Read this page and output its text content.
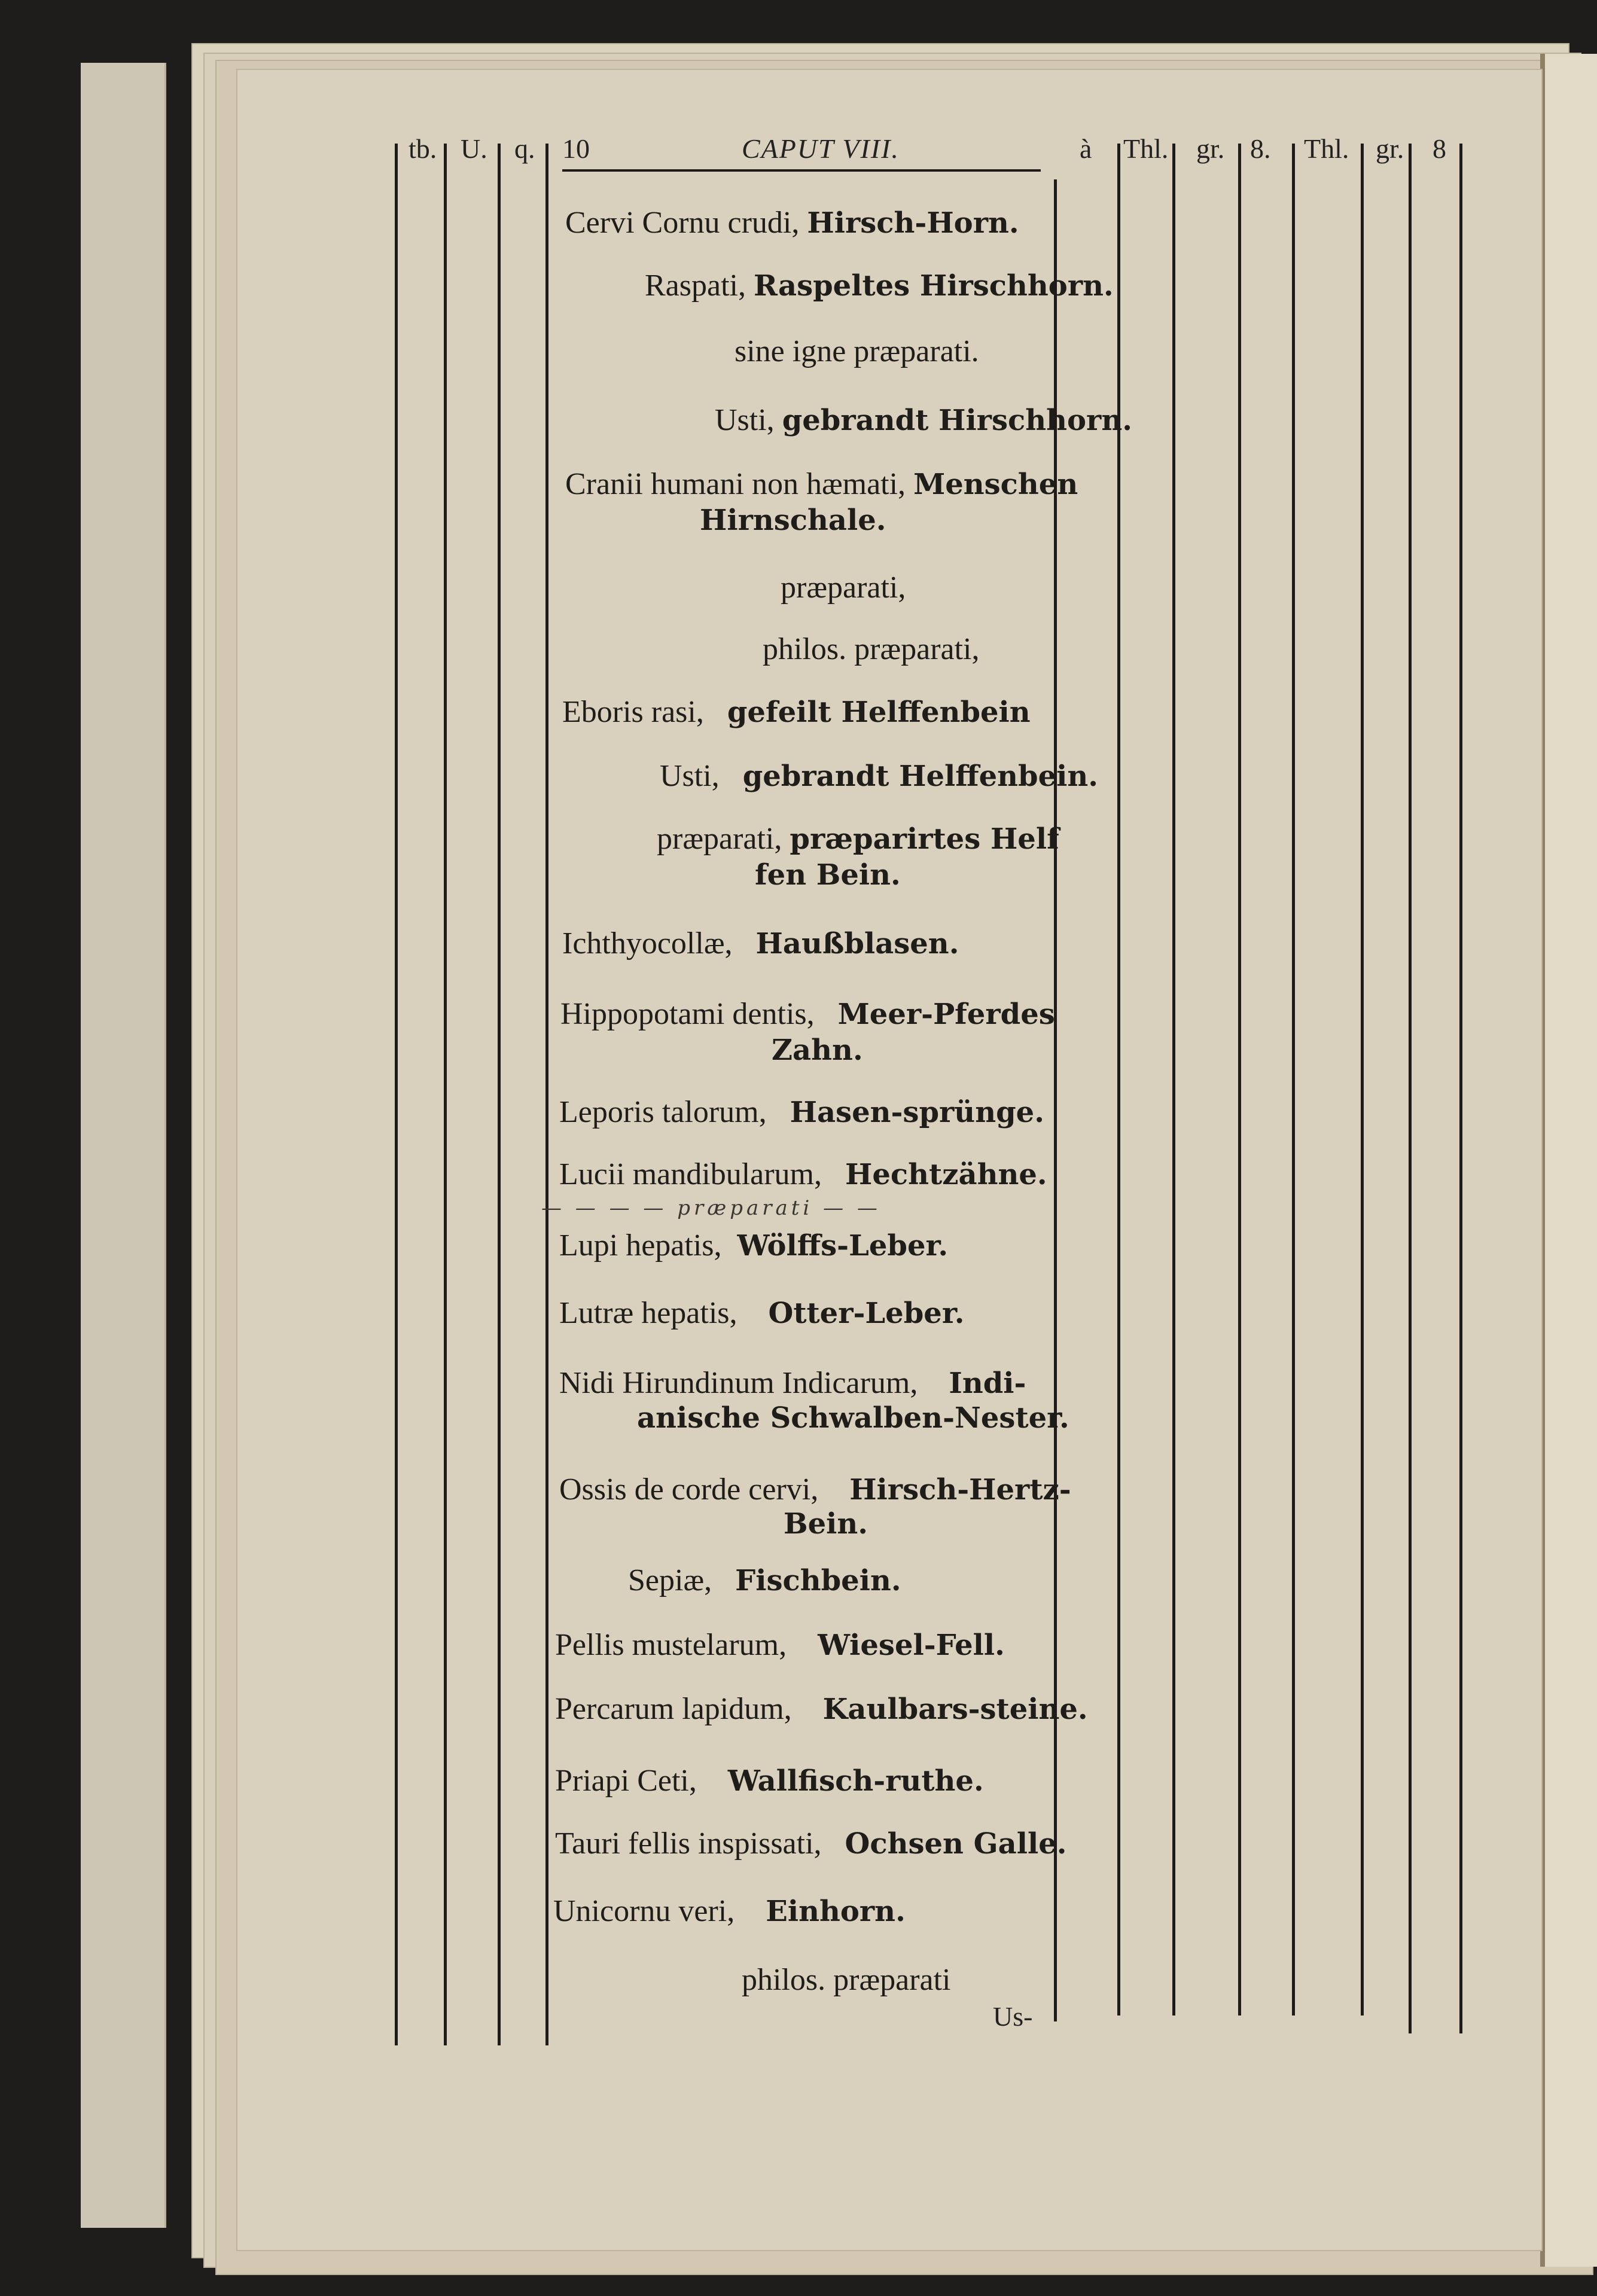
tb. U. q. 10	CAPUT VIII.	à Thl. gr. 8. Thl. gr. 8
Cervi Cornu crudi, Hirsch-Horn.
Raspati, Raspeltes Hirschhorn.
sine igne præparati.
Usti, gebrandt Hirschhorn.
Cranii humani non hæmati, Menschen
Hirnschale.
præparati,
philos. præparati,
Eboris rasi, gefeilt Helffenbein
Usti, gebrandt Helffenbein.
præparati, præparirtes Helf
fen Bein.
Ichthyocollæ, Haußblasen.
Hippopotami dentis, Meer-Pferdes
Zahn.
Leporis talorum, Hasen-sprünge.
Lucii mandibularum, Hechtzähne.
— — — — præparati — —
Lupi hepatis, Wölffs-Leber.
Lutræ hepatis, Otter-Leber.
Nidi Hirundinum Indicarum, Indi-
anische Schwalben-Nester.
Ossis de corde cervi, Hirsch-Hertz-
Bein.
Sepiæ, Fischbein.
Pellis mustelarum, Wiesel-Fell.
Percarum lapidum, Kaulbars-steine.
Priapi Ceti, Wallfisch-ruthe.
Tauri fellis inspissati, Ochsen Galle.
Unicornu veri, Einhorn.
philos. præparati
Us-
